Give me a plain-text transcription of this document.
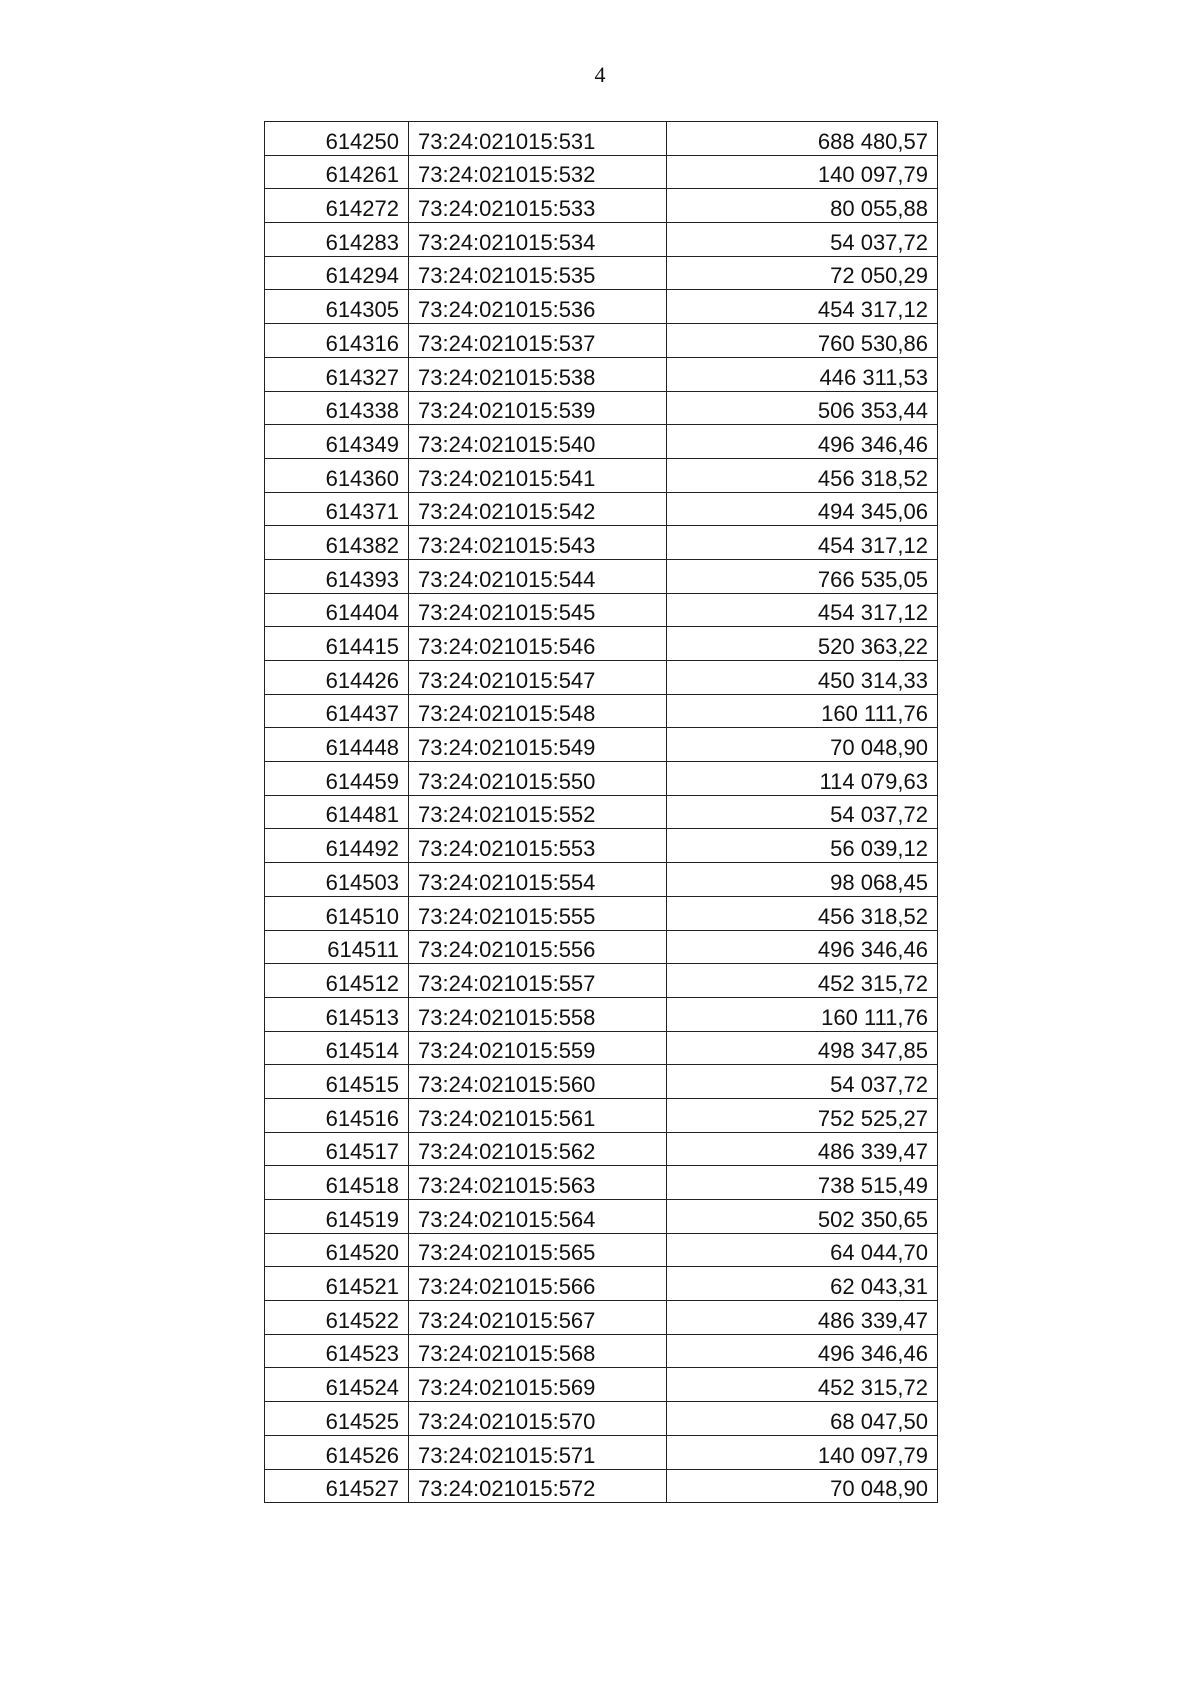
4
614250	73:24:021015:531	688 480,57
614261	73:24:021015:532	140 097,79
614272	73:24:021015:533	80 055,88
614283	73:24:021015:534	54 037,72
614294	73:24:021015:535	72 050,29
614305	73:24:021015:536	454 317,12
614316	73:24:021015:537	760 530,86
614327	73:24:021015:538	446 311,53
614338	73:24:021015:539	506 353,44
614349	73:24:021015:540	496 346,46
614360	73:24:021015:541	456 318,52
614371	73:24:021015:542	494 345,06
614382	73:24:021015:543	454 317,12
614393	73:24:021015:544	766 535,05
614404	73:24:021015:545	454 317,12
614415	73:24:021015:546	520 363,22
614426	73:24:021015:547	450 314,33
614437	73:24:021015:548	160 111,76
614448	73:24:021015:549	70 048,90
614459	73:24:021015:550	114 079,63
614481	73:24:021015:552	54 037,72
614492	73:24:021015:553	56 039,12
614503	73:24:021015:554	98 068,45
614510	73:24:021015:555	456 318,52
614511	73:24:021015:556	496 346,46
614512	73:24:021015:557	452 315,72
614513	73:24:021015:558	160 111,76
614514	73:24:021015:559	498 347,85
614515	73:24:021015:560	54 037,72
614516	73:24:021015:561	752 525,27
614517	73:24:021015:562	486 339,47
614518	73:24:021015:563	738 515,49
614519	73:24:021015:564	502 350,65
614520	73:24:021015:565	64 044,70
614521	73:24:021015:566	62 043,31
614522	73:24:021015:567	486 339,47
614523	73:24:021015:568	496 346,46
614524	73:24:021015:569	452 315,72
614525	73:24:021015:570	68 047,50
614526	73:24:021015:571	140 097,79
614527	73:24:021015:572	70 048,90
